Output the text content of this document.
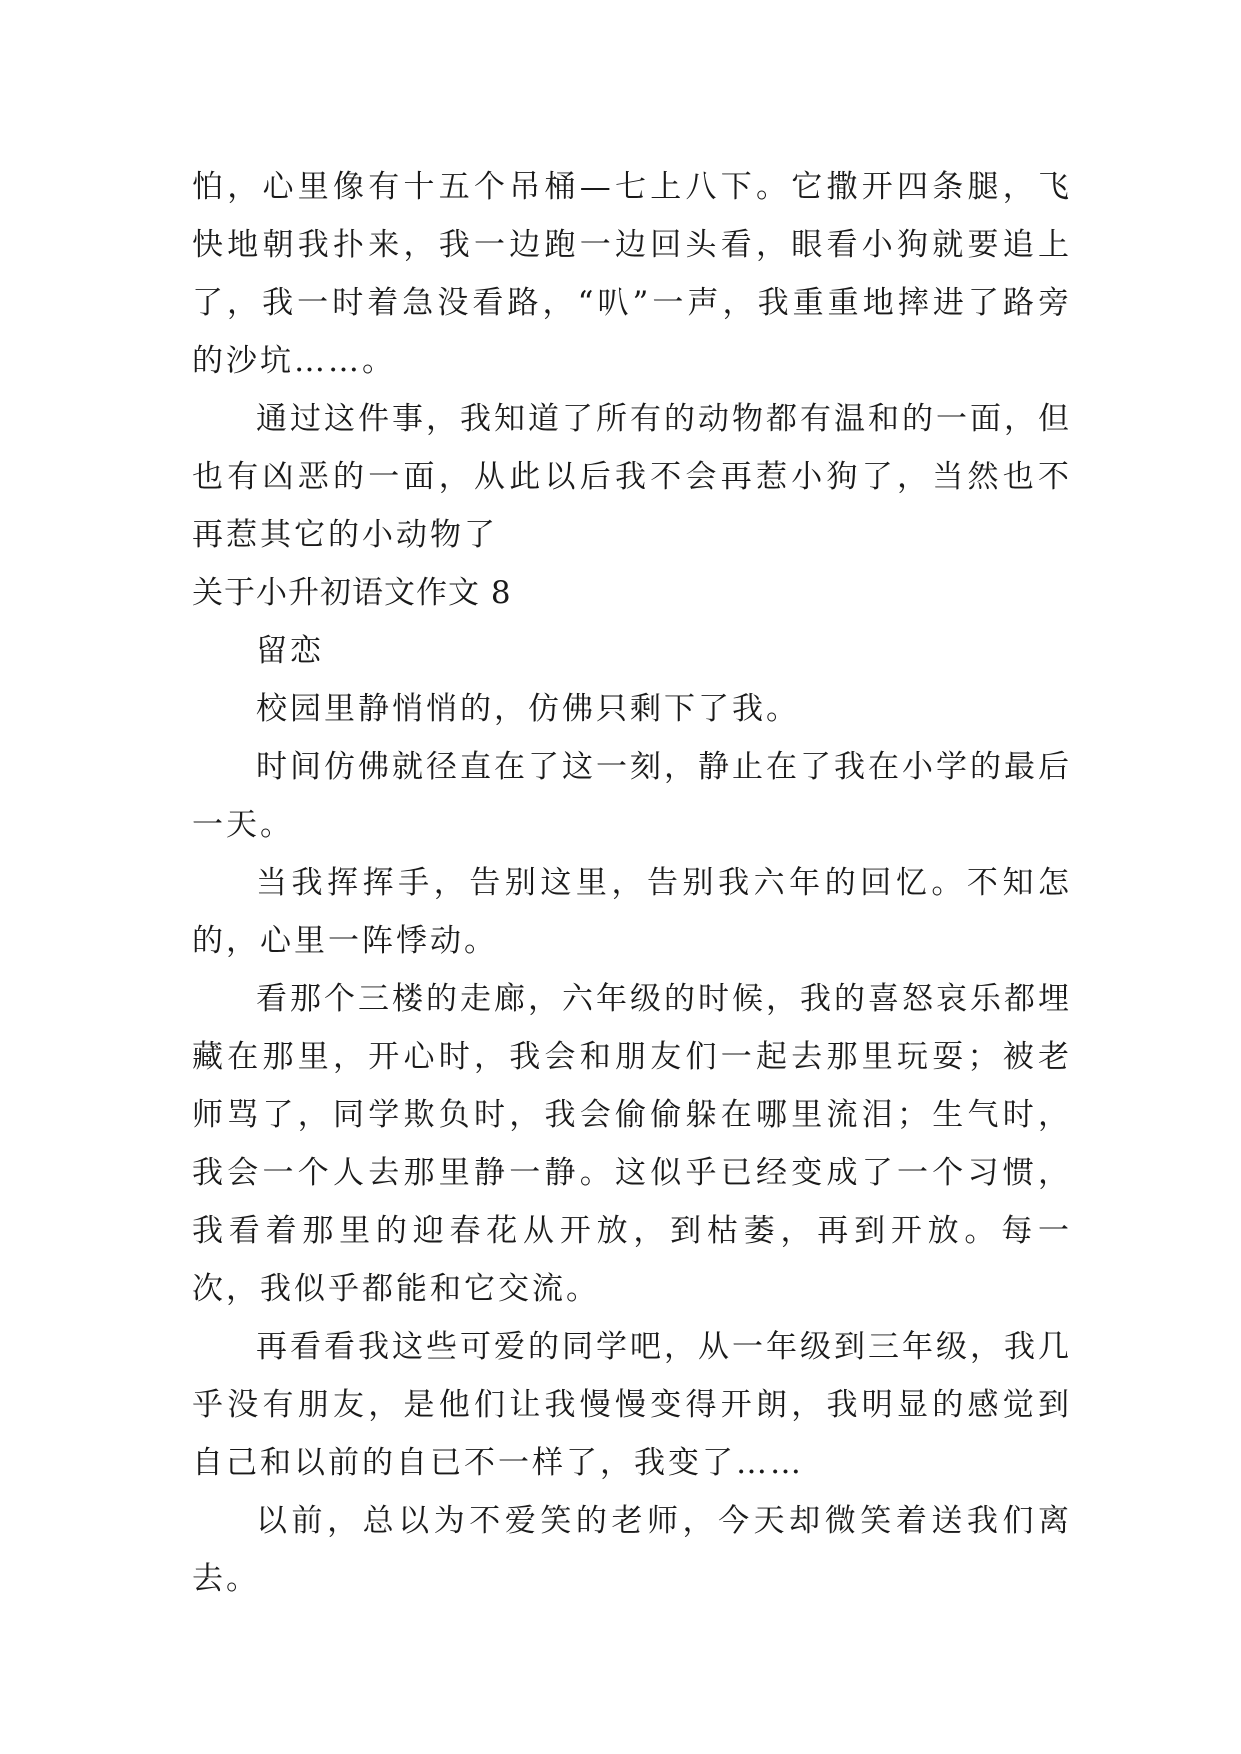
怕，心里像有十五个吊桶—七上八下。它撒开四条腿，飞快地朝我扑来，我一边跑一边回头看，眼看小狗就要追上了，我一时着急没看路，“叭”一声，我重重地摔进了路旁的沙坑……。

通过这件事，我知道了所有的动物都有温和的一面，但也有凶恶的一面，从此以后我不会再惹小狗了，当然也不再惹其它的小动物了

关于小升初语文作文 8

留恋

校园里静悄悄的，仿佛只剩下了我。

时间仿佛就径直在了这一刻，静止在了我在小学的最后一天。

当我挥挥手，告别这里，告别我六年的回忆。不知怎的，心里一阵悸动。

看那个三楼的走廊，六年级的时候，我的喜怒哀乐都埋藏在那里，开心时，我会和朋友们一起去那里玩耍；被老师骂了，同学欺负时，我会偷偷躲在哪里流泪；生气时，我会一个人去那里静一静。这似乎已经变成了一个习惯，我看着那里的迎春花从开放，到枯萎，再到开放。每一次，我似乎都能和它交流。

再看看我这些可爱的同学吧，从一年级到三年级，我几乎没有朋友，是他们让我慢慢变得开朗，我明显的感觉到自己和以前的自已不一样了，我变了……

以前，总以为不爱笑的老师，今天却微笑着送我们离去。
